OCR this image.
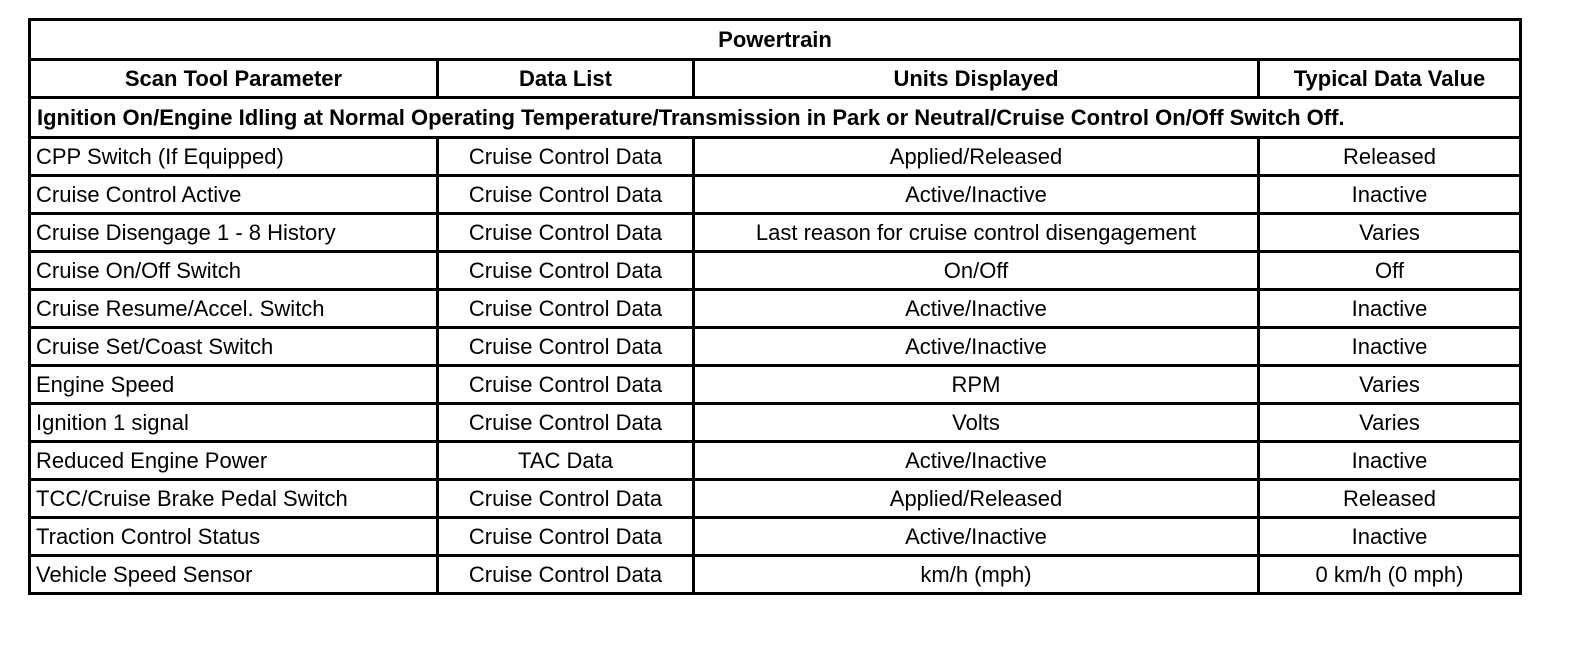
Powertrain			
Scan Tool Parameter	Data List	Units Displayed	Typical Data Value
Ignition On/Engine Idling at Normal Operating Temperature/Transmission in Park or Neutral/Cruise Control On/Off Switch Off.			
CPP Switch (If Equipped)	Cruise Control Data	Applied/Released	Released
Cruise Control Active	Cruise Control Data	Active/Inactive	Inactive
Cruise Disengage 1 - 8 History	Cruise Control Data	Last reason for cruise control disengagement	Varies
Cruise On/Off Switch	Cruise Control Data	On/Off	Off
Cruise Resume/Accel. Switch	Cruise Control Data	Active/Inactive	Inactive
Cruise Set/Coast Switch	Cruise Control Data	Active/Inactive	Inactive
Engine Speed	Cruise Control Data	RPM	Varies
Ignition 1 signal	Cruise Control Data	Volts	Varies
Reduced Engine Power	TAC Data	Active/Inactive	Inactive
TCC/Cruise Brake Pedal Switch	Cruise Control Data	Applied/Released	Released
Traction Control Status	Cruise Control Data	Active/Inactive	Inactive
Vehicle Speed Sensor	Cruise Control Data	km/h (mph)	0 km/h (0 mph)
